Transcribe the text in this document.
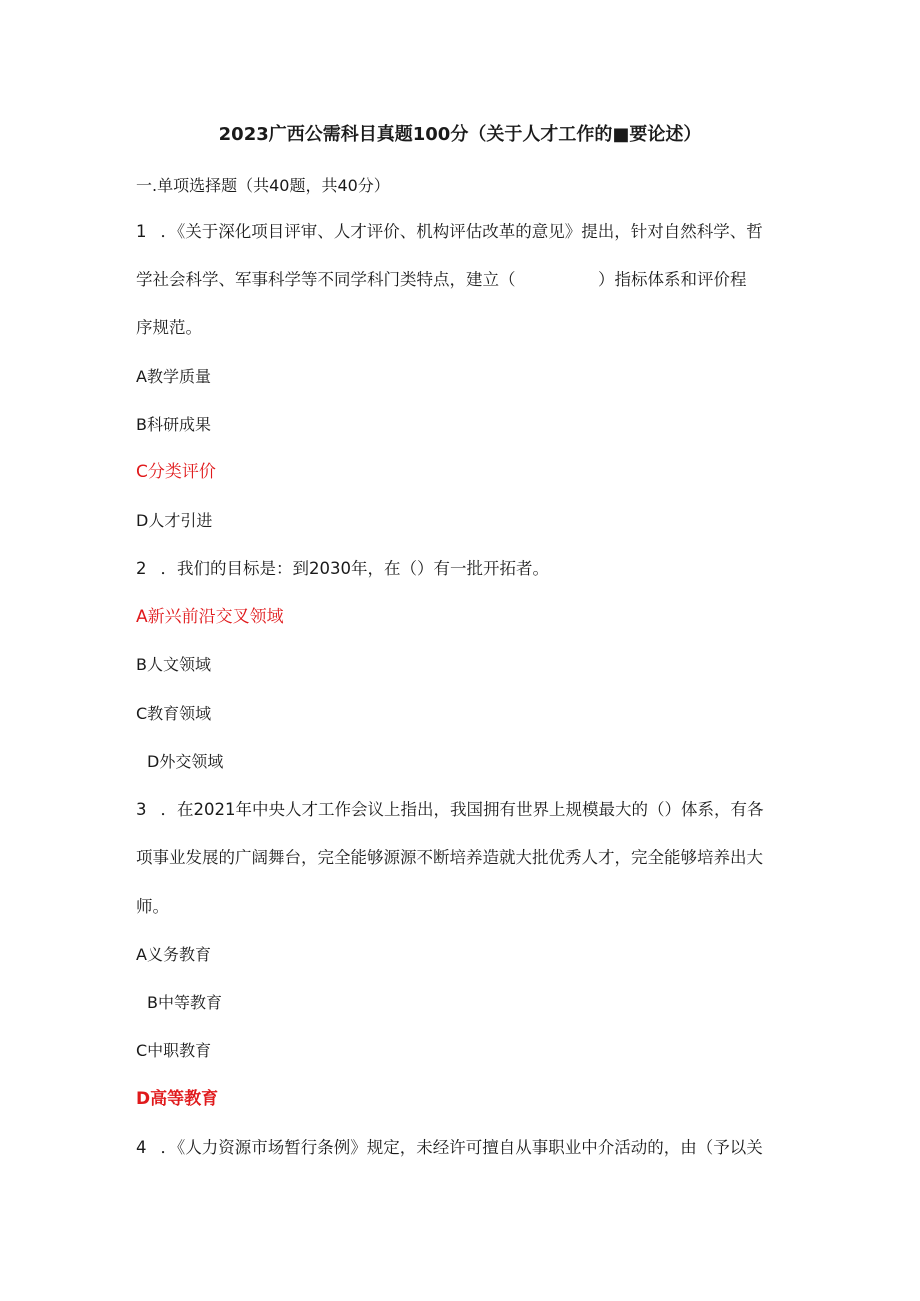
2023广西公需科目真题100分（关于人才工作的■要论述）
一.单项选择题（共40题，共40分）
1 ．《关于深化项目评审、人才评价、机构评估改革的意见》提出，针对自然科学、哲
学社会科学、军事科学等不同学科门类特点，建立（　　　　　）指标体系和评价程
序规范。
A教学质量
B科研成果
C分类评价
D人才引进
2 ．我们的目标是：到2030年，在（）有一批开拓者。
A新兴前沿交叉领域
B人文领域
C教育领域
D外交领域
3 ．在2021年中央人才工作会议上指出，我国拥有世界上规模最大的（）体系，有各
项事业发展的广阔舞台，完全能够源源不断培养造就大批优秀人才，完全能够培养出大
师。
A义务教育
B中等教育
C中职教育
D高等教育
4 ．《人力资源市场暂行条例》规定，未经许可擅自从事职业中介活动的，由（予以关
